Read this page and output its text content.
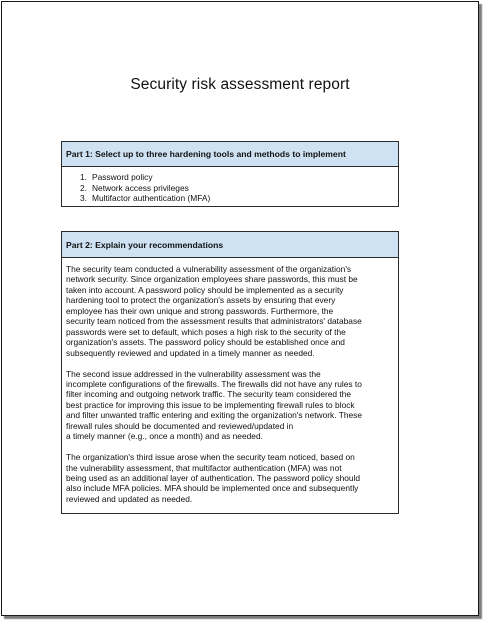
Security risk assessment report
Part 1: Select up to three hardening tools and methods to implement
1. Password policy
2. Network access privileges
3. Multifactor authentication (MFA)
Part 2: Explain your recommendations

The security team conducted a vulnerability assessment of the organization's
network security. Since organization employees share passwords, this must be
taken into account. A password policy should be implemented as a security
hardening tool to protect the organization's assets by ensuring that every
employee has their own unique and strong passwords. Furthermore, the
security team noticed from the assessment results that administrators' database
passwords were set to default, which poses a high risk to the security of the
organization's assets. The password policy should be established once and
subsequently reviewed and updated in a timely manner as needed.

The second issue addressed in the vulnerability assessment was the
incomplete configurations of the firewalls. The firewalls did not have any rules to
filter incoming and outgoing network traffic. The security team considered the
best practice for improving this issue to be implementing firewall rules to block
and filter unwanted traffic entering and exiting the organization's network. These
firewall rules should be documented and reviewed/updated in
a timely manner (e.g., once a month) and as needed.

The organization's third issue arose when the security team noticed, based on
the vulnerability assessment, that multifactor authentication (MFA) was not
being used as an additional layer of authentication. The password policy should
also include MFA policies. MFA should be implemented once and subsequently
reviewed and updated as needed.
